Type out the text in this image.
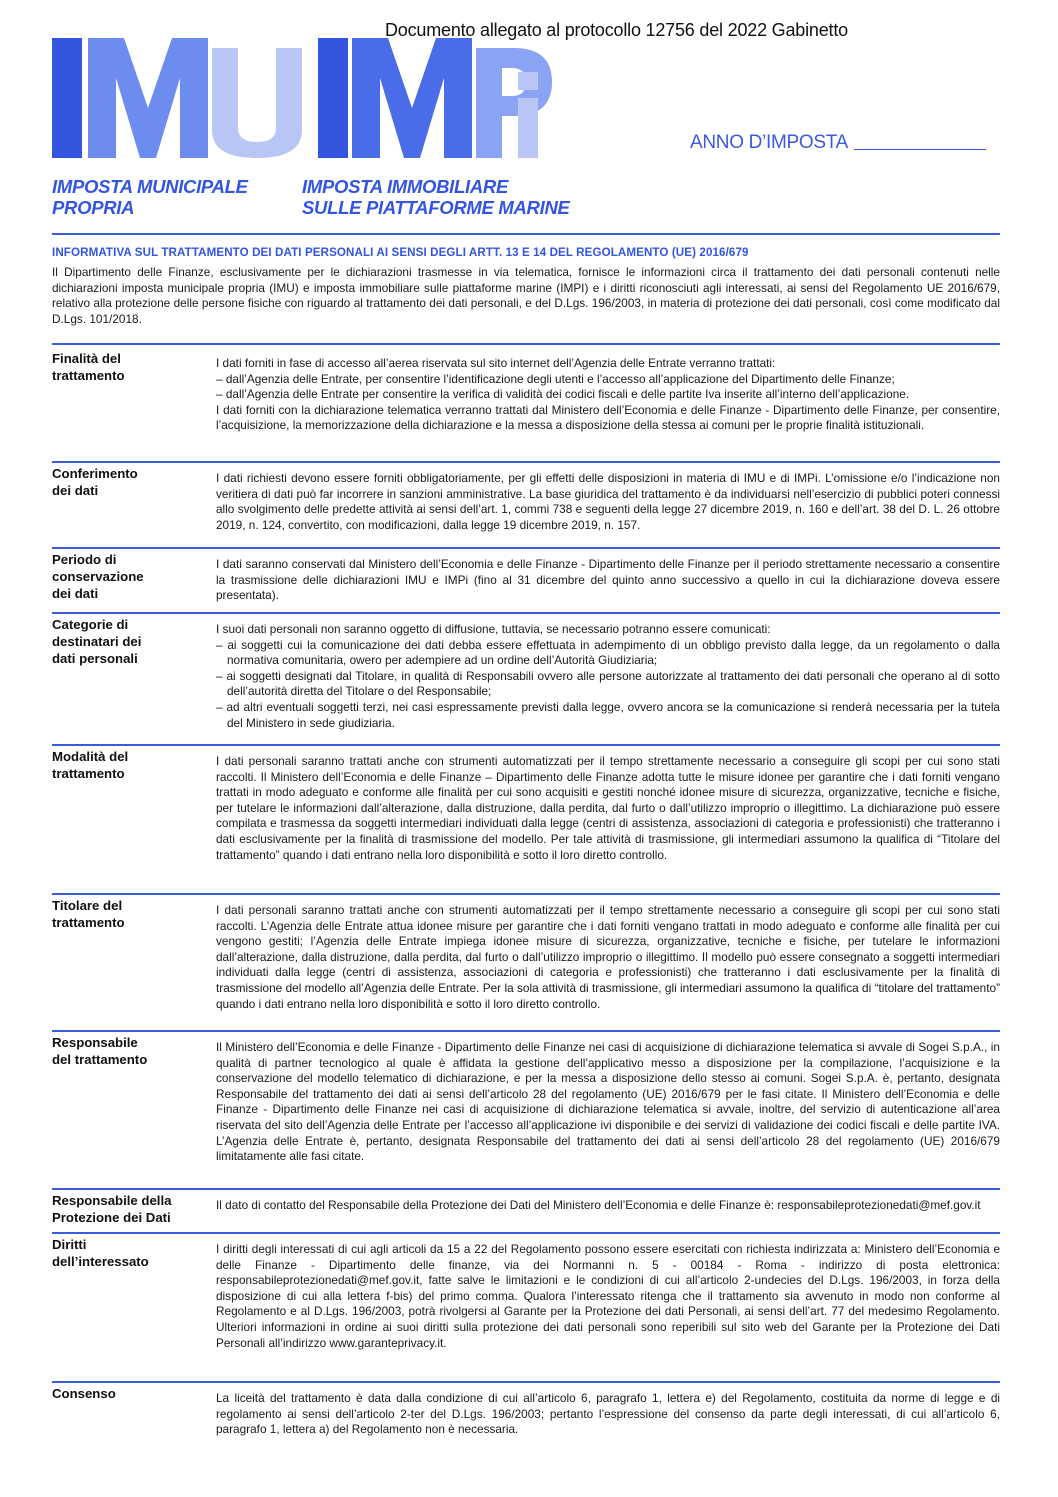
Documento allegato al protocollo 12756 del 2022 Gabinetto
ANNO D’IMPOSTA
IMPOSTA MUNICIPALE
PROPRIA
IMPOSTA IMMOBILIARE
SULLE PIATTAFORME MARINE
INFORMATIVA SUL TRATTAMENTO DEI DATI PERSONALI AI SENSI DEGLI ARTT. 13 E 14 DEL REGOLAMENTO (UE) 2016/679
Il Dipartimento delle Finanze, esclusivamente per le dichiarazioni trasmesse in via telematica, fornisce le informazioni circa il trattamento dei dati personali contenuti nelle dichiarazioni imposta municipale propria (IMU) e imposta immobiliare sulle piattaforme marine (IMPI) e i diritti riconosciuti agli interessati, ai sensi del Regolamento UE 2016/679, relativo alla protezione delle persone fisiche con riguardo al trattamento dei dati personali, e del D.Lgs. 196/2003, in materia di protezione dei dati personali, così come modificato dal D.Lgs. 101/2018.
Finalità del
trattamento

I dati forniti in fase di accesso all’aerea riservata sul sito internet dell’Agenzia delle Entrate verranno trattati:

– dall’Agenzia delle Entrate, per consentire l’identificazione degli utenti e l’accesso all’applicazione del Dipartimento delle Finanze;

– dall’Agenzia delle Entrate per consentire la verifica di validità dei codici fiscali e delle partite Iva inserite all’interno dell’applicazione.

I dati forniti con la dichiarazione telematica verranno trattati dal Ministero dell’Economia e delle Finanze - Dipartimento delle Finanze, per consentire, l’acquisizione, la memorizzazione della dichiarazione e la messa a disposizione della stessa ai comuni per le proprie finalità istituzionali.

Conferimento
dei dati

I dati richiesti devono essere forniti obbligatoriamente, per gli effetti delle disposizioni in materia di IMU e di IMPi. L’omissione e/o l’indicazione non veritiera di dati può far incorrere in sanzioni amministrative. La base giuridica del trattamento è da individuarsi nell’esercizio di pubblici poteri connessi allo svolgimento delle predette attività ai sensi dell’art. 1, commi 738 e seguenti della legge 27 dicembre 2019, n. 160 e dell’art. 38 del D. L. 26 ottobre 2019, n. 124, convertito, con modificazioni, dalla legge 19 dicembre 2019, n. 157.

Periodo di
conservazione
dei dati

I dati saranno conservati dal Ministero dell’Economia e delle Finanze - Dipartimento delle Finanze per il periodo strettamente necessario a consentire la trasmissione delle dichiarazioni IMU e IMPi (fino al 31 dicembre del quinto anno successivo a quello in cui la dichiarazione doveva essere presentata).

Categorie di
destinatari dei
dati personali

I suoi dati personali non saranno oggetto di diffusione, tuttavia, se necessario potranno essere comunicati:

– ai soggetti cui la comunicazione dei dati debba essere effettuata in adempimento di un obbligo previsto dalla legge, da un regolamento o dalla normativa comunitaria, owero per adempiere ad un ordine dell’Autorità Giudiziaria;

– ai soggetti designati dal Titolare, in qualità di Responsabili ovvero alle persone autorizzate al trattamento dei dati personali che operano al di sotto dell’autorità diretta del Titolare o del Responsabile;

– ad altri eventuali soggetti terzi, nei casi espressamente previsti dalla legge, ovvero ancora se la comunicazione si renderà necessaria per la tutela del Ministero in sede giudiziaria.

Modalità del
trattamento

I dati personali saranno trattati anche con strumenti automatizzati per il tempo strettamente necessario a conseguire gli scopi per cui sono stati raccolti. Il Ministero dell’Economia e delle Finanze – Dipartimento delle Finanze adotta tutte le misure idonee per garantire che i dati forniti vengano trattati in modo adeguato e conforme alle finalità per cui sono acquisiti e gestiti nonché idonee misure di sicurezza, organizzative, tecniche e fisiche, per tutelare le informazioni dall’alterazione, dalla distruzione, dalla perdita, dal furto o dall’utilizzo improprio o illegittimo. La dichiarazione può essere compilata e trasmessa da soggetti intermediari individuati dalla legge (centri di assistenza, associazioni di categoria e professionisti) che tratteranno i dati esclusivamente per la finalità di trasmissione del modello. Per tale attività di trasmissione, gli intermediari assumono la qualifica di “Titolare del trattamento” quando i dati entrano nella loro disponibilità e sotto il loro diretto controllo.

Titolare del
trattamento

I dati personali saranno trattati anche con strumenti automatizzati per il tempo strettamente necessario a conseguire gli scopi per cui sono stati raccolti. L’Agenzia delle Entrate attua idonee misure per garantire che i dati forniti vengano trattati in modo adeguato e conforme alle finalità per cui vengono gestiti; l’Agenzia delle Entrate impiega idonee misure di sicurezza, organizzative, tecniche e fisiche, per tutelare le informazioni dall’alterazione, dalla distruzione, dalla perdita, dal furto o dall’utilizzo improprio o illegittimo. Il modello può essere consegnato a soggetti intermediari individuati dalla legge (centri di assistenza, associazioni di categoria e professionisti) che tratteranno i dati esclusivamente per la finalità di trasmissione del modello all’Agenzia delle Entrate. Per la sola attività di trasmissione, gli intermediari assumono la qualifica di “titolare del trattamento” quando i dati entrano nella loro disponibilità e sotto il loro diretto controllo.

Responsabile
del trattamento

Il Ministero dell’Economia e delle Finanze - Dipartimento delle Finanze nei casi di acquisizione di dichiarazione telematica si avvale di Sogei S.p.A., in qualità di partner tecnologico al quale è affidata la gestione dell’applicativo messo a disposizione per la compilazione, l’acquisizione e la conservazione del modello telematico di dichiarazione, e per la messa a disposizione dello stesso ai comuni. Sogei S.p.A. è, pertanto, designata Responsabile del trattamento dei dati ai sensi dell’articolo 28 del regolamento (UE) 2016/679 per le fasi citate. Il Ministero dell’Economia e delle Finanze - Dipartimento delle Finanze nei casi di acquisizione di dichiarazione telematica si avvale, inoltre, del servizio di autenticazione all’area riservata del sito dell’Agenzia delle Entrate per l’accesso all’applicazione ivi disponibile e dei servizi di validazione dei codici fiscali e delle partite IVA. L’Agenzia delle Entrate è, pertanto, designata Responsabile del trattamento dei dati ai sensi dell’articolo 28 del regolamento (UE) 2016/679 limitatamente alle fasi citate.

Responsabile della
Protezione dei Dati

Il dato di contatto del Responsabile della Protezione dei Dati del Ministero dell’Economia e delle Finanze è: responsabileprotezionedati@mef.gov.it

Diritti
dell’interessato

I diritti degli interessati di cui agli articoli da 15 a 22 del Regolamento possono essere esercitati con richiesta indirizzata a: Ministero dell’Economia e delle Finanze - Dipartimento delle finanze, via dei Normanni n. 5 - 00184 - Roma - indirizzo di posta elettronica: responsabileprotezionedati@mef.gov.it, fatte salve le limitazioni e le condizioni di cui all’articolo 2-undecies del D.Lgs. 196/2003, in forza della disposizione di cui alla lettera f-bis) del primo comma. Qualora l’interessato ritenga che il trattamento sia avvenuto in modo non conforme al Regolamento e al D.Lgs. 196/2003, potrà rivolgersi al Garante per la Protezione dei dati Personali, ai sensi dell’art. 77 del medesimo Regolamento. Ulteriori informazioni in ordine ai suoi diritti sulla protezione dei dati personali sono reperibili sul sito web del Garante per la Protezione dei Dati Personali all’indirizzo www.garanteprivacy.it.

Consenso	La liceità del trattamento è data dalla condizione di cui all’articolo 6, paragrafo 1, lettera e) del Regolamento, costituita da norme di legge e di regolamento ai sensi dell’articolo 2-ter del D.Lgs. 196/2003; pertanto l’espressione del consenso da parte degli interessati, di cui all’articolo 6, paragrafo 1, lettera a) del Regolamento non è necessaria.
